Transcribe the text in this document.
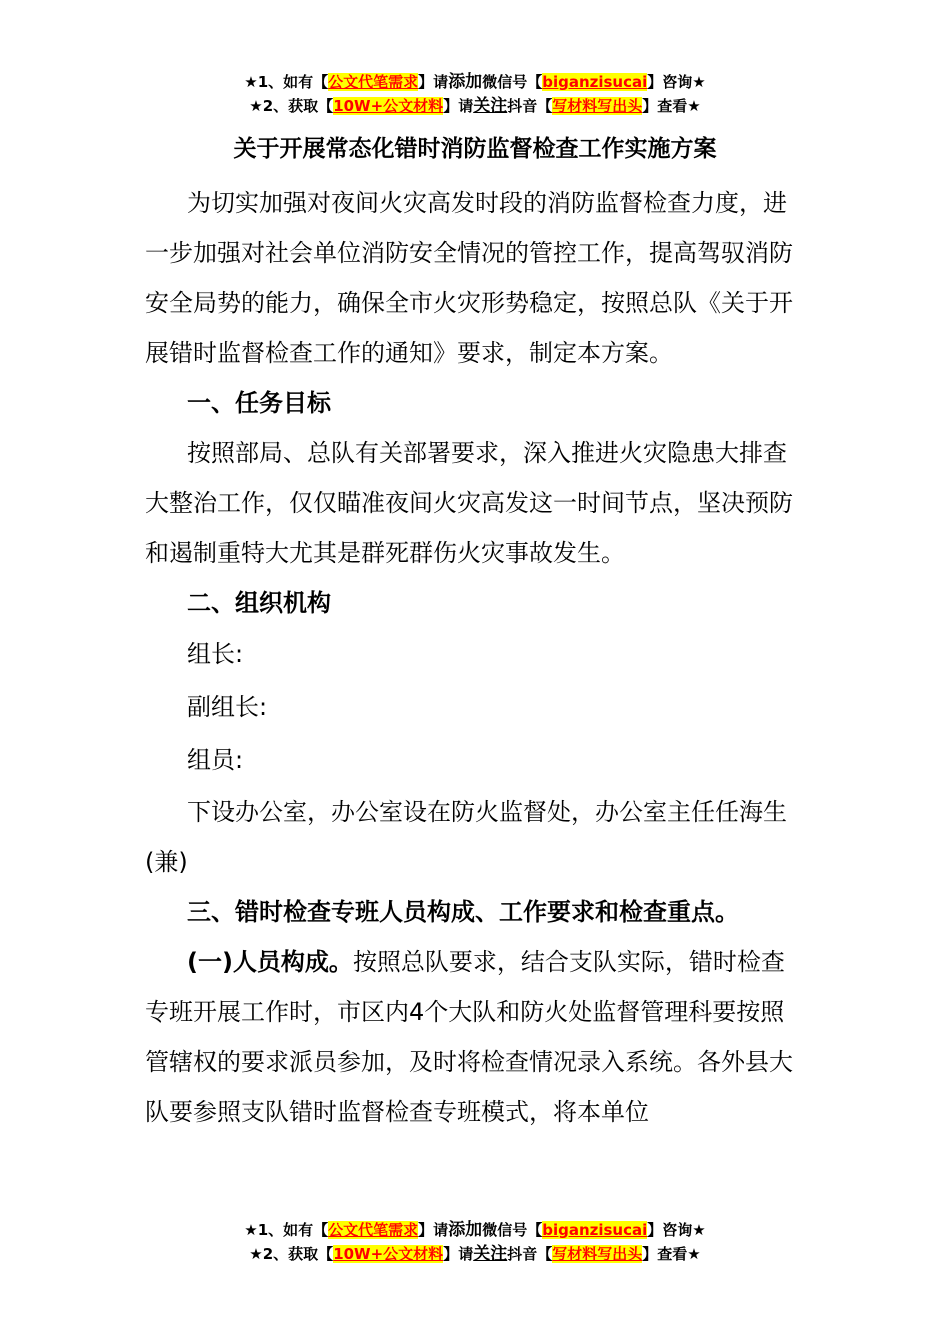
★1、如有【公文代笔需求】请添加微信号【biganzisucai】咨询★
★2、获取【10W+公文材料】请关注抖音【写材料写出头】查看★
关于开展常态化错时消防监督检查工作实施方案

为切实加强对夜间火灾高发时段的消防监督检查力度，进一步加强对社会单位消防安全情况的管控工作，提高驾驭消防安全局势的能力，确保全市火灾形势稳定，按照总队《关于开展错时监督检查工作的通知》要求，制定本方案。

一、任务目标

按照部局、总队有关部署要求，深入推进火灾隐患大排查大整治工作，仅仅瞄准夜间火灾高发这一时间节点，坚决预防和遏制重特大尤其是群死群伤火灾事故发生。

二、组织机构

组长:

副组长:

组员:

下设办公室，办公室设在防火监督处，办公室主任任海生(兼)

三、错时检查专班人员构成、工作要求和检查重点。

(一)人员构成。按照总队要求，结合支队实际，错时检查专班开展工作时，市区内4个大队和防火处监督管理科要按照管辖权的要求派员参加，及时将检查情况录入系统。各外县大队要参照支队错时监督检查专班模式，将本单位

★1、如有【公文代笔需求】请添加微信号【biganzisucai】咨询★
★2、获取【10W+公文材料】请关注抖音【写材料写出头】查看★
